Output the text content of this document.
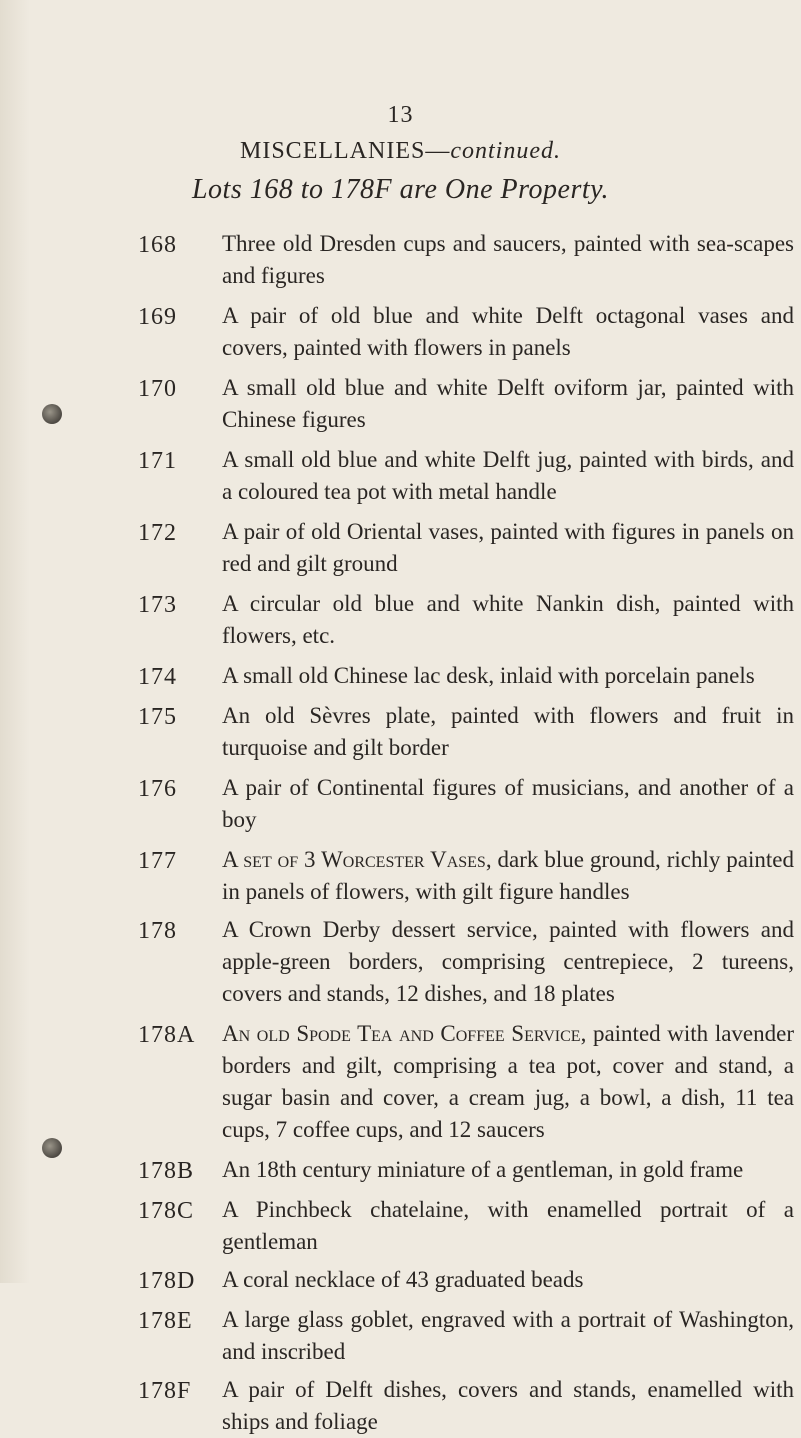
13
MISCELLANIES—continued.
Lots 168 to 178F are One Property.
168	Three old Dresden cups and saucers, painted with sea-scapes and figures
169	A pair of old blue and white Delft octagonal vases and covers, painted with flowers in panels
170	A small old blue and white Delft oviform jar, painted with Chinese figures
171	A small old blue and white Delft jug, painted with birds, and a coloured tea pot with metal handle
172	A pair of old Oriental vases, painted with figures in panels on red and gilt ground
173	A circular old blue and white Nankin dish, painted with flowers, etc.
174	A small old Chinese lac desk, inlaid with porcelain panels
175	An old Sèvres plate, painted with flowers and fruit in turquoise and gilt border
176	A pair of Continental figures of musicians, and another of a boy
177	A set of 3 Worcester Vases, dark blue ground, richly painted in panels of flowers, with gilt figure handles
178	A Crown Derby dessert service, painted with flowers and apple-green borders, comprising centrepiece, 2 tureens, covers and stands, 12 dishes, and 18 plates
178A	An old Spode Tea and Coffee Service, painted with lavender borders and gilt, comprising a tea pot, cover and stand, a sugar basin and cover, a cream jug, a bowl, a dish, 11 tea cups, 7 coffee cups, and 12 saucers
178B	An 18th century miniature of a gentleman, in gold frame
178C	A Pinchbeck chatelaine, with enamelled portrait of a gentleman
178D	A coral necklace of 43 graduated beads
178E	A large glass goblet, engraved with a portrait of Washington, and inscribed
178F	A pair of Delft dishes, covers and stands, enamelled with ships and foliage
